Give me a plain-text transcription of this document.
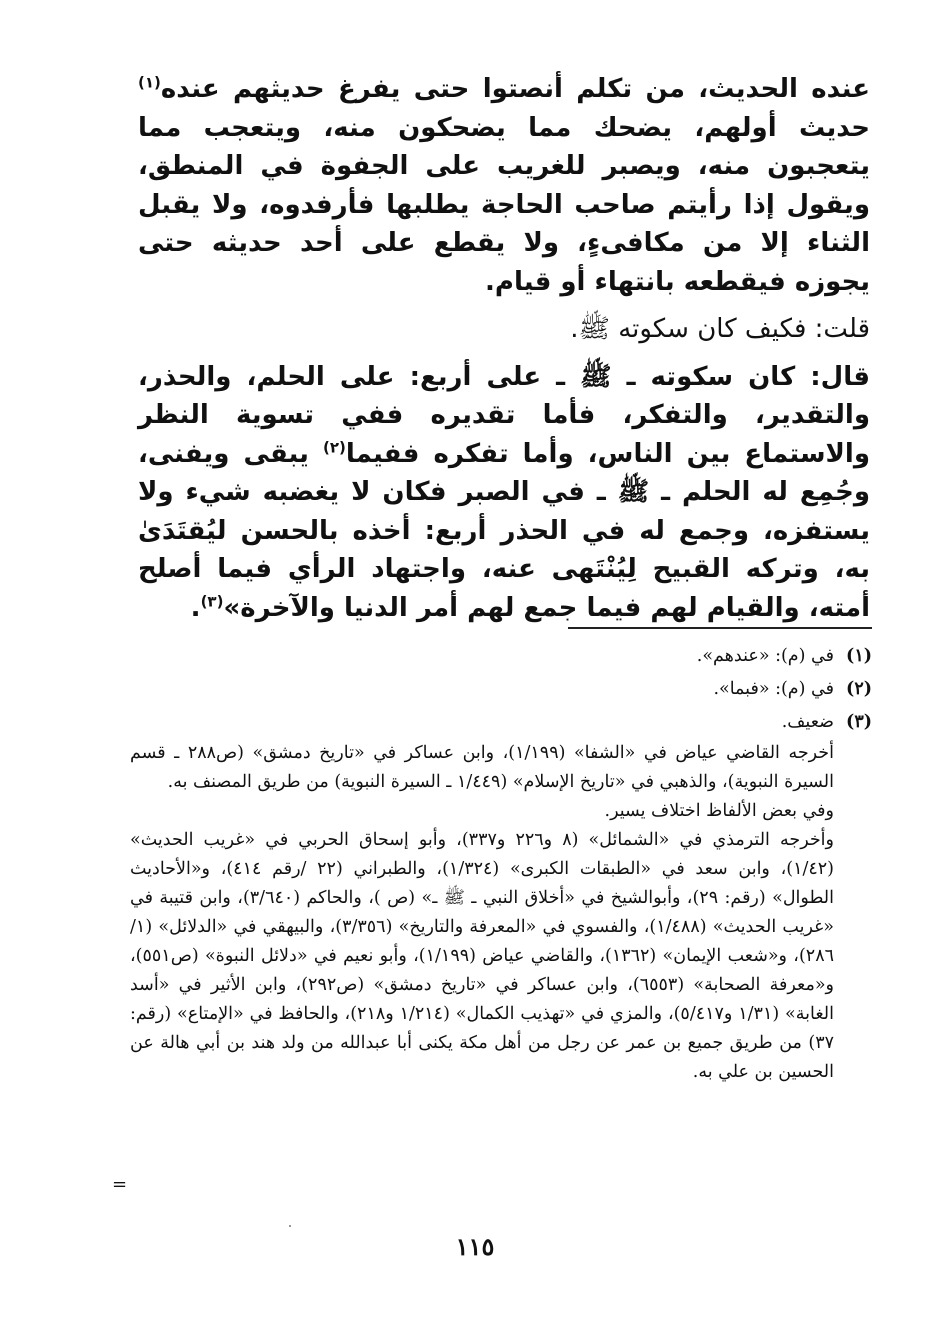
عنده الحديث، من تكلم أنصتوا حتى يفرغ حديثهم عنده$^{(١)}$ حديث أولهم، يضحك مما يضحكون منه، ويتعجب مما يتعجبون منه، ويصبر للغريب على الجفوة في المنطق، ويقول إذا رأيتم صاحب الحاجة يطلبها فأرفدوه، ولا يقبل الثناء إلا من مكافىءٍ، ولا يقطع على أحد حديثه حتى يجوزه فيقطعه بانتهاء أو قيام.

قلت: فكيف كان سكوته ﷺ.

قال: كان سكوته ـ ﷺ ـ على أربع: على الحلم، والحذر، والتقدير، والتفكر، فأما تقديره ففي تسوية النظر والاستماع بين الناس، وأما تفكره ففيما$^{(٢)}$ يبقى ويفنى، وجُمِع له الحلم ـ ﷺ ـ في الصبر فكان لا يغضبه شيء ولا يستفزه، وجمع له في الحذر أربع: أخذه بالحسن ليُقتَدَىٰ به، وتركه القبيح لِيُنْتَهى عنه، واجتهاد الرأي فيما أصلح أمته، والقيام لهم فيما جمع لهم أمر الدنيا والآخرة»$^{(٣)}$.

(١)في (م): «عندهم».

(٢)في (م): «فبما».

(٣)ضعيف.

أخرجه القاضي عياض في «الشفا» (١/١٩٩)، وابن عساكر في «تاريخ دمشق» (ص٢٨٨ ـ قسم السيرة النبوية)، والذهبي في «تاريخ الإسلام» (١/٤٤٩ ـ السيرة النبوية) من طريق المصنف به.

وفي بعض الألفاظ اختلاف يسير.

وأخرجه الترمذي في «الشمائل» (٨ و٢٢٦ و٣٣٧)، وأبو إسحاق الحربي في «غريب الحديث» (١/٤٢)، وابن سعد في «الطبقات الكبرى» (١/٣٢٤)، والطبراني (٢٢ /رقم ٤١٤)، و«الأحاديث الطوال» (رقم: ٢٩)، وأبوالشيخ في «أخلاق النبي ـ ﷺ ـ» (ص )، والحاكم (٣/٦٤٠)، وابن قتيبة في «غريب الحديث» (١/٤٨٨)، والفسوي في «المعرفة والتاريخ» (٣/٣٥٦)، والبيهقي في «الدلائل» (١/ ٢٨٦)، و«شعب الإيمان» (١٣٦٢)، والقاضي عياض (١/١٩٩)، وأبو نعيم في «دلائل النبوة» (ص٥٥١)، و«معرفة الصحابة» (٦٥٥٣)، وابن عساكر في «تاريخ دمشق» (ص٢٩٢)، وابن الأثير في «أسد الغابة» (١/٣١ و٥/٤١٧)، والمزي في «تهذيب الكمال» (١/٢١٤ و٢١٨)، والحافظ في «الإمتاع» (رقم: ٣٧) من طريق جميع بن عمر عن رجل من أهل مكة يكنى أبا عبدالله من ولد هند بن أبي هالة عن الحسين بن علي به.

=
١١٥
